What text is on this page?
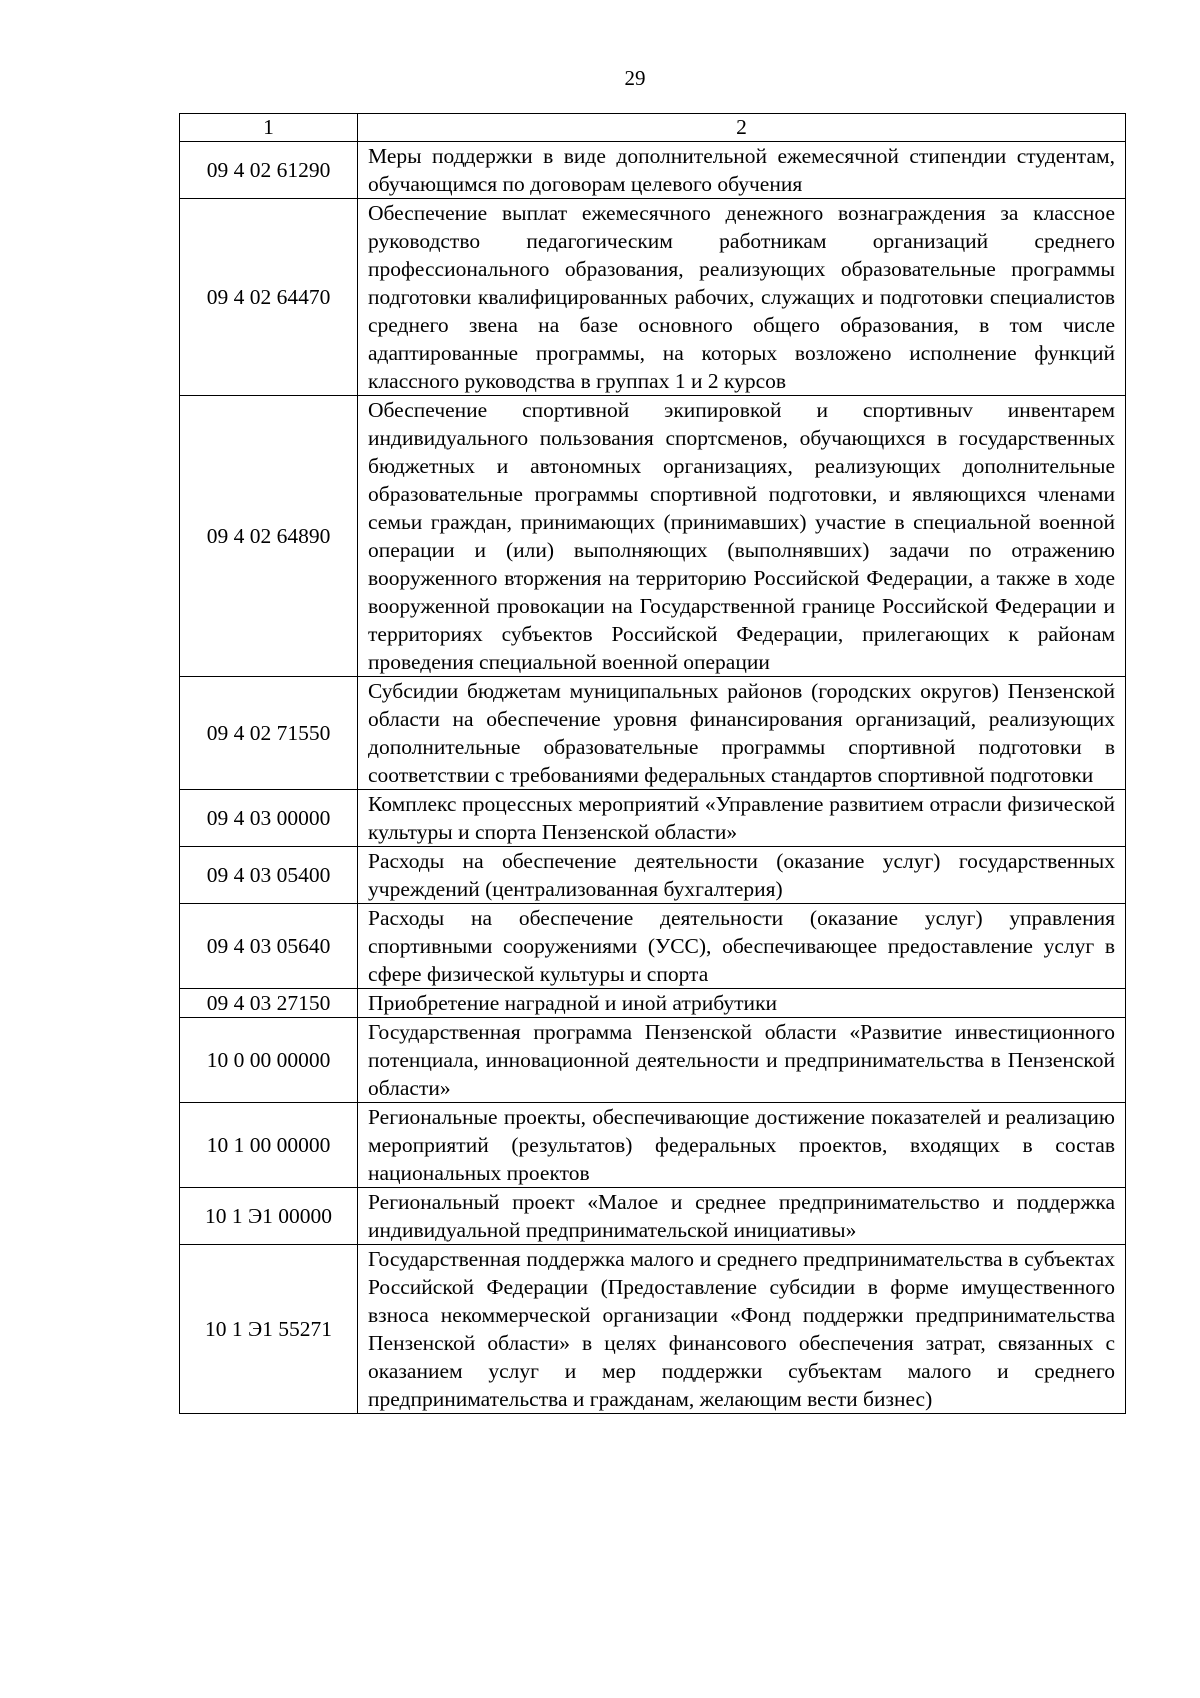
29
1	2
09 4 02 61290	Меры поддержки в виде дополнительной ежемесячной стипендии студентам, обучающимся по договорам целевого обучения
09 4 02 64470	Обеспечение выплат ежемесячного денежного вознаграждения за классное руководство педагогическим работникам организаций среднего профессионального образования, реализующих образовательные программы подготовки квалифицированных рабочих, служащих и подготовки специалистов среднего звена на базе основного общего образования, в том числе адаптированные программы, на которых возложено исполнение функций классного руководства в группах 1 и 2 курсов
09 4 02 64890	Обеспечение спортивной экипировкой и спортивныv инвентарем индивидуального пользования спортсменов, обучающихся в государственных бюджетных и автономных организациях, реализующих дополнительные образовательные программы спортивной подготовки, и являющихся членами семьи граждан, принимающих (принимавших) участие в специальной военной операции и (или) выполняющих (выполнявших) задачи по отражению вооруженного вторжения на территорию Российской Федерации, а также в ходе вооруженной провокации на Государственной границе Российской Федерации и территориях субъектов Российской Федерации, прилегающих к районам проведения специальной военной операции
09 4 02 71550	Субсидии бюджетам муниципальных районов (городских округов) Пензенской области на обеспечение уровня финансирования организаций, реализующих дополнительные образовательные программы спортивной подготовки в соответствии с требованиями федеральных стандартов спортивной подготовки
09 4 03 00000	Комплекс процессных мероприятий «Управление развитием отрасли физической культуры и спорта Пензенской области»
09 4 03 05400	Расходы на обеспечение деятельности (оказание услуг) государственных учреждений (централизованная бухгалтерия)
09 4 03 05640	Расходы на обеспечение деятельности (оказание услуг) управления спортивными сооружениями (УСС), обеспечивающее предоставление услуг в сфере физической культуры и спорта
09 4 03 27150	Приобретение наградной и иной атрибутики
10 0 00 00000	Государственная программа Пензенской области «Развитие инвестиционного потенциала, инновационной деятельности и предпринимательства в Пензенской области»
10 1 00 00000	Региональные проекты, обеспечивающие достижение показателей и реализацию мероприятий (результатов) федеральных проектов, входящих в состав национальных проектов
10 1 Э1 00000	Региональный проект «Малое и среднее предпринимательство и поддержка индивидуальной предпринимательской инициативы»
10 1 Э1 55271	Государственная поддержка малого и среднего предпринимательства в субъектах Российской Федерации (Предоставление субсидии в форме имущественного взноса некоммерческой организации «Фонд поддержки предпринимательства Пензенской области» в целях финансового обеспечения затрат, связанных с оказанием услуг и мер поддержки субъектам малого и среднего предпринимательства и гражданам, желающим вести бизнес)
